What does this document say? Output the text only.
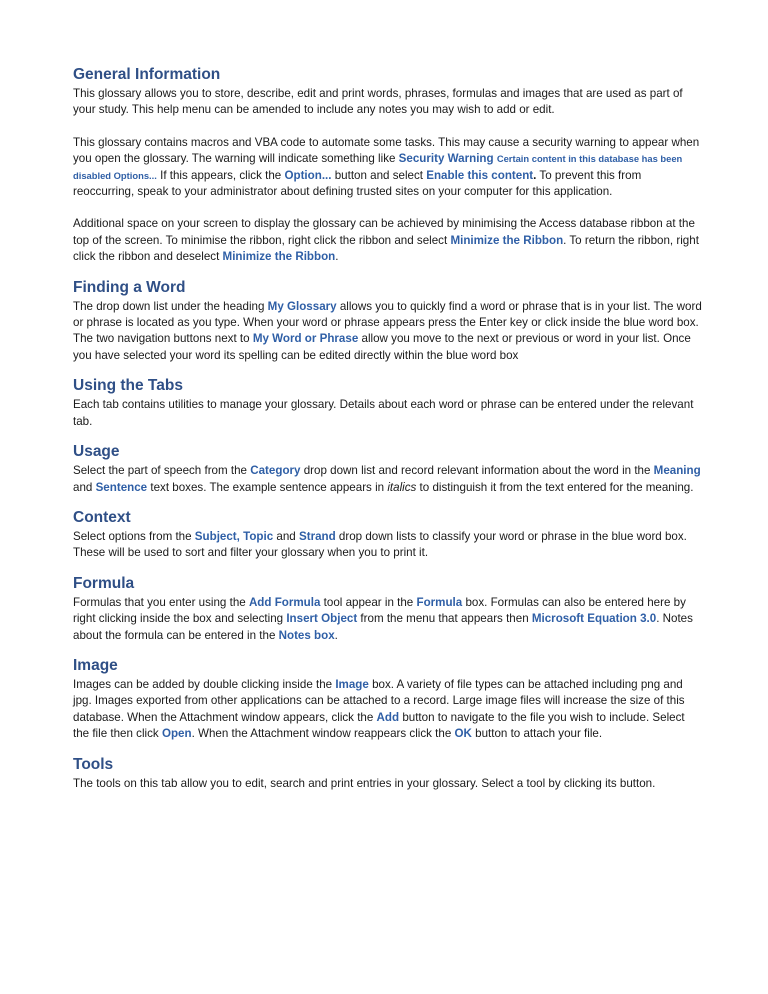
General Information

This glossary allows you to store, describe, edit and print words, phrases, formulas and images that are used as part of your study. This help menu can be amended to include any notes you may wish to add or edit.

This glossary contains macros and VBA code to automate some tasks. This may cause a security warning to appear when you open the glossary. The warning will indicate something like Security Warning Certain content in this database has been disabled Options... If this appears, click the Option... button and select Enable this content. To prevent this from reoccurring, speak to your administrator about defining trusted sites on your computer for this application.

Additional space on your screen to display the glossary can be achieved by minimising the Access database ribbon at the top of the screen. To minimise the ribbon, right click the ribbon and select Minimize the Ribbon. To return the ribbon, right click the ribbon and deselect Minimize the Ribbon.

Finding a Word

The drop down list under the heading My Glossary allows you to quickly find a word or phrase that is in your list. The word or phrase is located as you type. When your word or phrase appears press the Enter key or click inside the blue word box. The two navigation buttons next to My Word or Phrase allow you move to the next or previous or word in your list. Once you have selected your word its spelling can be edited directly within the blue word box

Using the Tabs

Each tab contains utilities to manage your glossary. Details about each word or phrase can be entered under the relevant tab.

Usage

Select the part of speech from the Category drop down list and record relevant information about the word in the Meaning and Sentence text boxes. The example sentence appears in italics to distinguish it from the text entered for the meaning.

Context

Select options from the Subject, Topic and Strand drop down lists to classify your word or phrase in the blue word box. These will be used to sort and filter your glossary when you to print it.

Formula

Formulas that you enter using the Add Formula tool appear in the Formula box. Formulas can also be entered here by right clicking inside the box and selecting Insert Object from the menu that appears then Microsoft Equation 3.0. Notes about the formula can be entered in the Notes box.

Image

Images can be added by double clicking inside the Image box. A variety of file types can be attached including png and jpg. Images exported from other applications can be attached to a record. Large image files will increase the size of this database. When the Attachment window appears, click the Add button to navigate to the file you wish to include. Select the file then click Open. When the Attachment window reappears click the OK button to attach your file.

Tools

The tools on this tab allow you to edit, search and print entries in your glossary. Select a tool by clicking its button.
